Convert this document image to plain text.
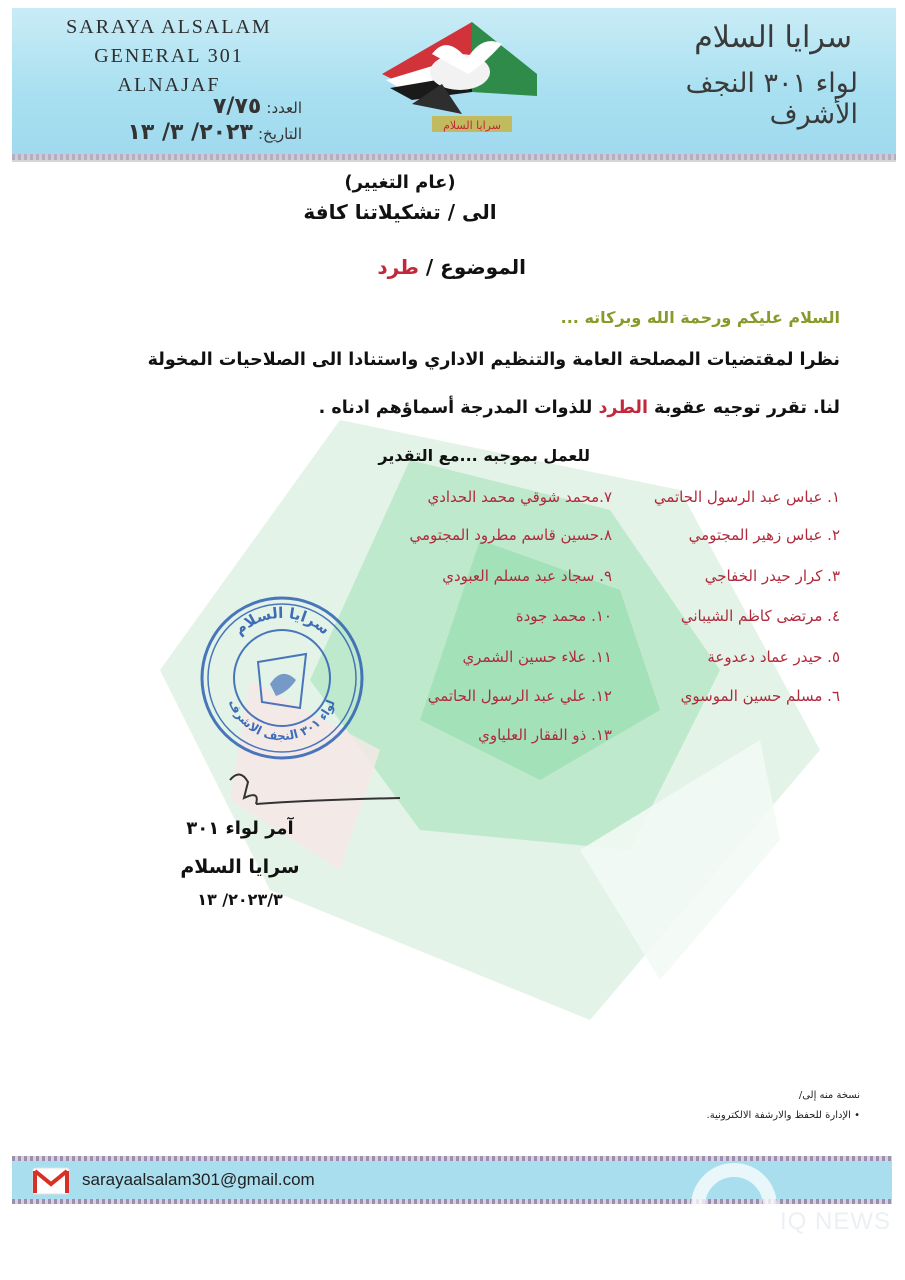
SARAYA ALSALAM
GENERAL 301
ALNAJAF
العدد: ٧/٧٥
التاريخ: ٢٠٢٣/ ٣/ ١٣
سرايا السلام
لواء ٣٠١ النجف الأشرف
سرايا السلام
(عام التغيير)
الى / تشكيلاتنا كافة
الموضوع / طرد
السلام عليكم ورحمة الله وبركاته ...
نظرا لمقتضيات المصلحة العامة والتنظيم الاداري واستنادا الى الصلاحيات المخولة
لنا. تقرر توجيه عقوبة الطرد للذوات المدرجة أسماؤهم ادناه .
للعمل بموجبه ...مع التقدير
١. عباس عبد الرسول الحاتمي
٢. عباس زهير المجتومي
٣. كرار حيدر الخفاجي
٤. مرتضى كاظم الشيباني
٥. حيدر عماد دعدوعة
٦. مسلم حسين الموسوي
٧.محمد شوقي محمد الحدادي
٨.حسين قاسم مطرود المجتومي
٩. سجاد عبد مسلم العبودي
١٠. محمد جودة
١١. علاء حسين الشمري
١٢. علي عبد الرسول الحاتمي
١٣. ذو الفقار العلياوي
سرايا السلام
لواء ٣٠١ النجف الاشرف
آمر لواء ٣٠١
سرايا السلام
٢٠٢٣/٣/ ١٣
نسخة منه إلى/
• الإدارة للحفظ والارشفة الالكترونية.
sarayaalsalam301@gmail.com
IQ NEWS
